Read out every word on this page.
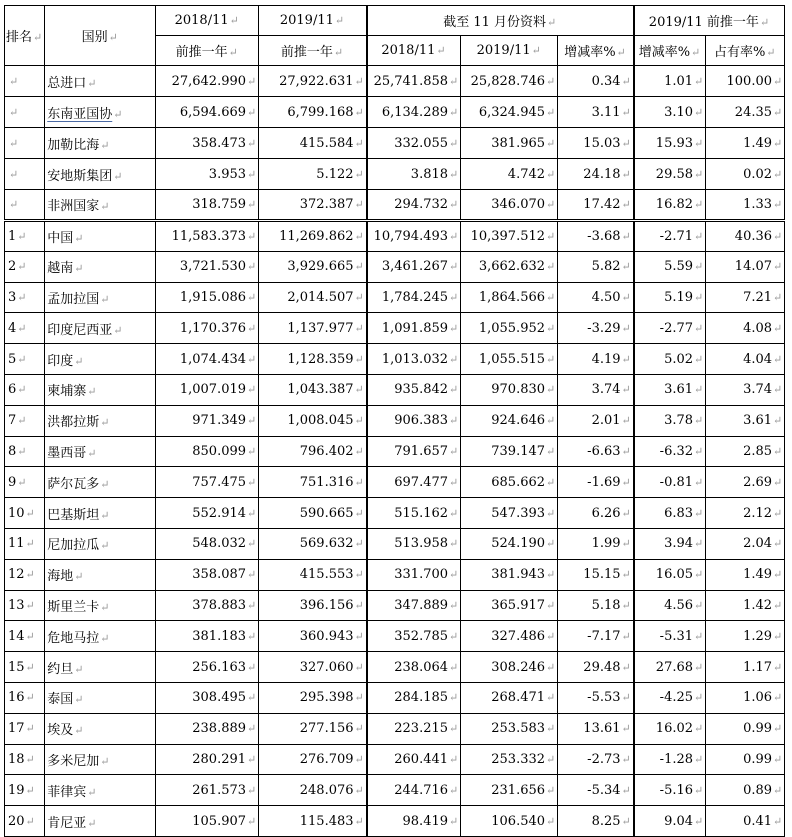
排名↵	国别↵	2018/11↵	2019/11↵	截至 11 月份资料↵			2019/11 前推一年↵	
		前推一年↵	前推一年↵	2018/11↵	2019/11↵	增减率%↵	增减率%↵	占有率%↵
↵	总进口↵	27,642.990↵	27,922.631↵	25,741.858↵	25,828.746↵	0.34↵	1.01↵	100.00↵
↵	东南亚国协↵	6,594.669↵	6,799.168↵	6,134.289↵	6,324.945↵	3.11↵	3.10↵	24.35↵
↵	加勒比海↵	358.473↵	415.584↵	332.055↵	381.965↵	15.03↵	15.93↵	1.49↵
↵	安地斯集团↵	3.953↵	5.122↵	3.818↵	4.742↵	24.18↵	29.58↵	0.02↵
↵	非洲国家↵	318.759↵	372.387↵	294.732↵	346.070↵	17.42↵	16.82↵	1.33↵
1↵	中国↵	11,583.373↵	11,269.862↵	10,794.493↵	10,397.512↵	-3.68↵	-2.71↵	40.36↵
2↵	越南↵	3,721.530↵	3,929.665↵	3,461.267↵	3,662.632↵	5.82↵	5.59↵	14.07↵
3↵	孟加拉国↵	1,915.086↵	2,014.507↵	1,784.245↵	1,864.566↵	4.50↵	5.19↵	7.21↵
4↵	印度尼西亚↵	1,170.376↵	1,137.977↵	1,091.859↵	1,055.952↵	-3.29↵	-2.77↵	4.08↵
5↵	印度↵	1,074.434↵	1,128.359↵	1,013.032↵	1,055.515↵	4.19↵	5.02↵	4.04↵
6↵	柬埔寨↵	1,007.019↵	1,043.387↵	935.842↵	970.830↵	3.74↵	3.61↵	3.74↵
7↵	洪都拉斯↵	971.349↵	1,008.045↵	906.383↵	924.646↵	2.01↵	3.78↵	3.61↵
8↵	墨西哥↵	850.099↵	796.402↵	791.657↵	739.147↵	-6.63↵	-6.32↵	2.85↵
9↵	萨尔瓦多↵	757.475↵	751.316↵	697.477↵	685.662↵	-1.69↵	-0.81↵	2.69↵
10↵	巴基斯坦↵	552.914↵	590.665↵	515.162↵	547.393↵	6.26↵	6.83↵	2.12↵
11↵	尼加拉瓜↵	548.032↵	569.632↵	513.958↵	524.190↵	1.99↵	3.94↵	2.04↵
12↵	海地↵	358.087↵	415.553↵	331.700↵	381.943↵	15.15↵	16.05↵	1.49↵
13↵	斯里兰卡↵	378.883↵	396.156↵	347.889↵	365.917↵	5.18↵	4.56↵	1.42↵
14↵	危地马拉↵	381.183↵	360.943↵	352.785↵	327.486↵	-7.17↵	-5.31↵	1.29↵
15↵	约旦↵	256.163↵	327.060↵	238.064↵	308.246↵	29.48↵	27.68↵	1.17↵
16↵	泰国↵	308.495↵	295.398↵	284.185↵	268.471↵	-5.53↵	-4.25↵	1.06↵
17↵	埃及↵	238.889↵	277.156↵	223.215↵	253.583↵	13.61↵	16.02↵	0.99↵
18↵	多米尼加↵	280.291↵	276.709↵	260.441↵	253.332↵	-2.73↵	-1.28↵	0.99↵
19↵	菲律宾↵	261.573↵	248.076↵	244.716↵	231.656↵	-5.34↵	-5.16↵	0.89↵
20↵	肯尼亚↵	105.907↵	115.483↵	98.419↵	106.540↵	8.25↵	9.04↵	0.41↵
